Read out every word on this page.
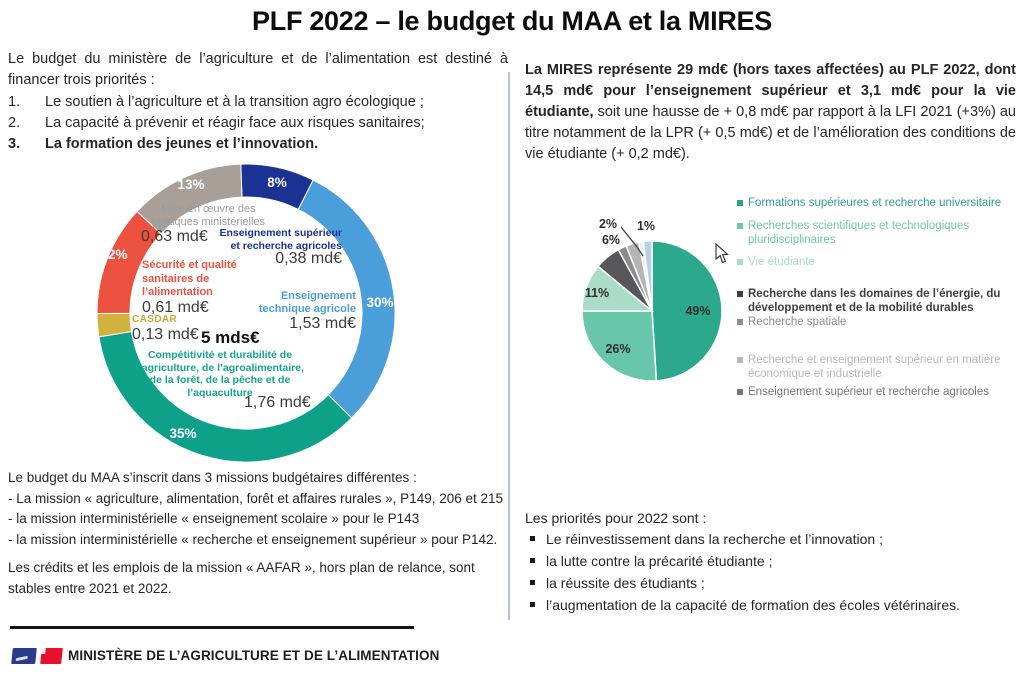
PLF 2022 – le budget du MAA et la MIRES
Le budget du ministère de l’agriculture et de l’alimentation est destiné à financer trois priorités :
1.	Le soutien à l’agriculture et à la transition agro écologique ;
2.	La capacité à prévenir et réagir face aux risques sanitaires;
3.	La formation des jeunes et l’innovation.
8%
30%
35%
12%
13%
Mise en œuvre des politiques ministérielles
0,63 md€	Enseignement supérieur et recherche agricoles
0,38 md€
Sécurité et qualité sanitaires de l’alimentation
0,61 md€
CASDAR
0,13 md€
Enseignement technique agricole
1,53 md€
5 mds€
Compétitivité et durabilité de l’agriculture, de l’agroalimentaire, de la forêt, de la pêche et de l’aquaculture
1,76 md€
Le budget du MAA s’inscrit dans 3 missions budgétaires différentes :
- La mission « agriculture, alimentation, forêt et affaires rurales », P149, 206 et 215
- la mission interministérielle « enseignement scolaire » pour le P143
- la mission interministérielle « recherche et enseignement supérieur » pour P142.
Les crédits et les emplois de la mission « AAFAR », hors plan de relance, sont stables entre 2021 et 2022.
La MIRES représente 29 md€ (hors taxes affectées) au PLF 2022, dont 14,5 md€ pour l’enseignement supérieur et 3,1 md€ pour la vie étudiante, soit une hausse de + 0,8 md€ par rapport à la LFI 2021 (+3%) au titre notamment de la LPR (+ 0,5 md€) et de l’amélioration des conditions de vie étudiante (+ 0,2 md€).
49%
26%
11%
6%
2% 1%
Formations supérieures et recherche universitaire
Recherches scientifiques et technologiques pluridisciplinaires
Vie étudiante
Recherche dans les domaines de l’énergie, du développement et de la mobilité durables
Recherche spatiale
Recherche et enseignement supérieur en matière économique et industrielle
Enseignement supérieur et recherche agricoles
Les priorités pour 2022 sont :
Le réinvestissement dans la recherche et l’innovation ;
la lutte contre la précarité étudiante ;
la réussite des étudiants ;
l’augmentation de la capacité de formation des écoles vétérinaires.
MINISTÈRE DE L’AGRICULTURE ET DE L’ALIMENTATION
